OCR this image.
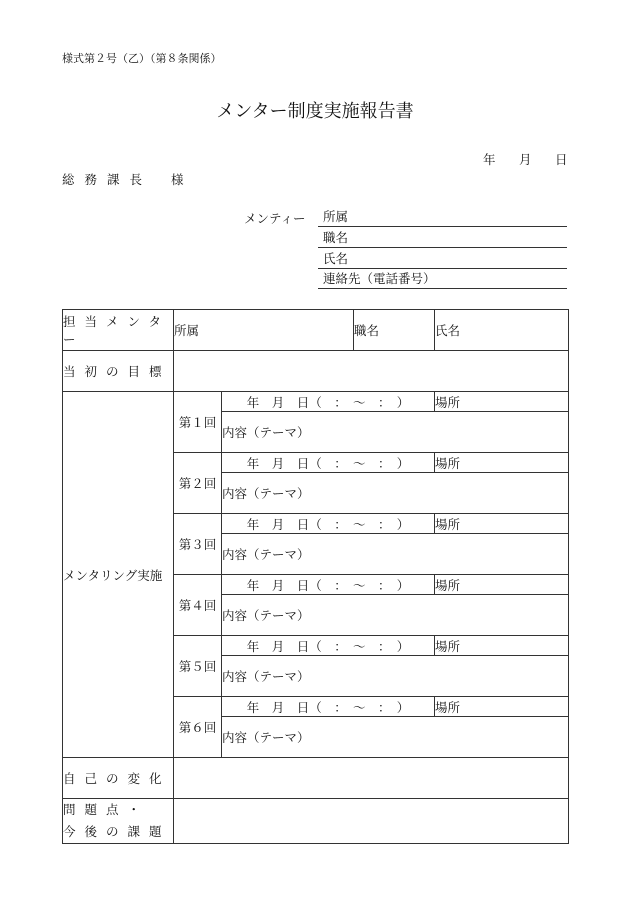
様式第２号（乙）（第８条関係）
メンター制度実施報告書
年 月 日
総務課長 様
メンティー 所属
職名
氏名
連絡先（電話番号）
担当メンター	所属		職名	氏名
当初の目標				
メンタリング実施	第１回	年　月　日（　：　～　：　）		場所
		内容（テーマ）		
	第２回	年　月　日（　：　～　：　）		場所
		内容（テーマ）		
	第３回	年　月　日（　：　～　：　）		場所
		内容（テーマ）		
	第４回	年　月　日（　：　～　：　）		場所
		内容（テーマ）		
	第５回	年　月　日（　：　～　：　）		場所
		内容（テーマ）		
	第６回	年　月　日（　：　～　：　）		場所
		内容（テーマ）		
自己の変化				

問題点・
今後の課題				
